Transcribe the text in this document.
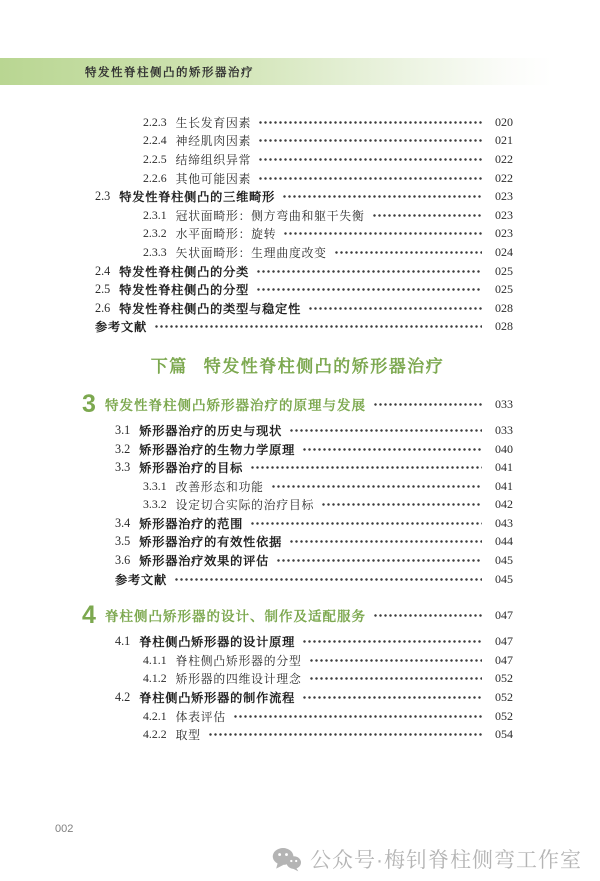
特发性脊柱侧凸的矫形器治疗
2.2.3 生长发育因素	020
2.2.4 神经肌肉因素	021
2.2.5 结缔组织异常	022
2.2.6 其他可能因素	022
2.3 特发性脊柱侧凸的三维畸形	023
2.3.1 冠状面畸形：侧方弯曲和躯干失衡	023
2.3.2 水平面畸形：旋转	023
2.3.3 矢状面畸形：生理曲度改变	024
2.4 特发性脊柱侧凸的分类	025
2.5 特发性脊柱侧凸的分型	025
2.6 特发性脊柱侧凸的类型与稳定性	028
参考文献	028
下篇 特发性脊柱侧凸的矫形器治疗
3 特发性脊柱侧凸矫形器治疗的原理与发展	033
3.1 矫形器治疗的历史与现状	033
3.2 矫形器治疗的生物力学原理	040
3.3 矫形器治疗的目标	041
3.3.1 改善形态和功能	041
3.3.2 设定切合实际的治疗目标	042
3.4 矫形器治疗的范围	043
3.5 矫形器治疗的有效性依据	044
3.6 矫形器治疗效果的评估	045
参考文献	045
4 脊柱侧凸矫形器的设计、制作及适配服务	047
4.1 脊柱侧凸矫形器的设计原理	047
4.1.1 脊柱侧凸矫形器的分型	047
4.1.2 矫形器的四维设计理念	052
4.2 脊柱侧凸矫形器的制作流程	052
4.2.1 体表评估	052
4.2.2 取型	054
002
公众号·梅钊脊柱侧弯工作室
